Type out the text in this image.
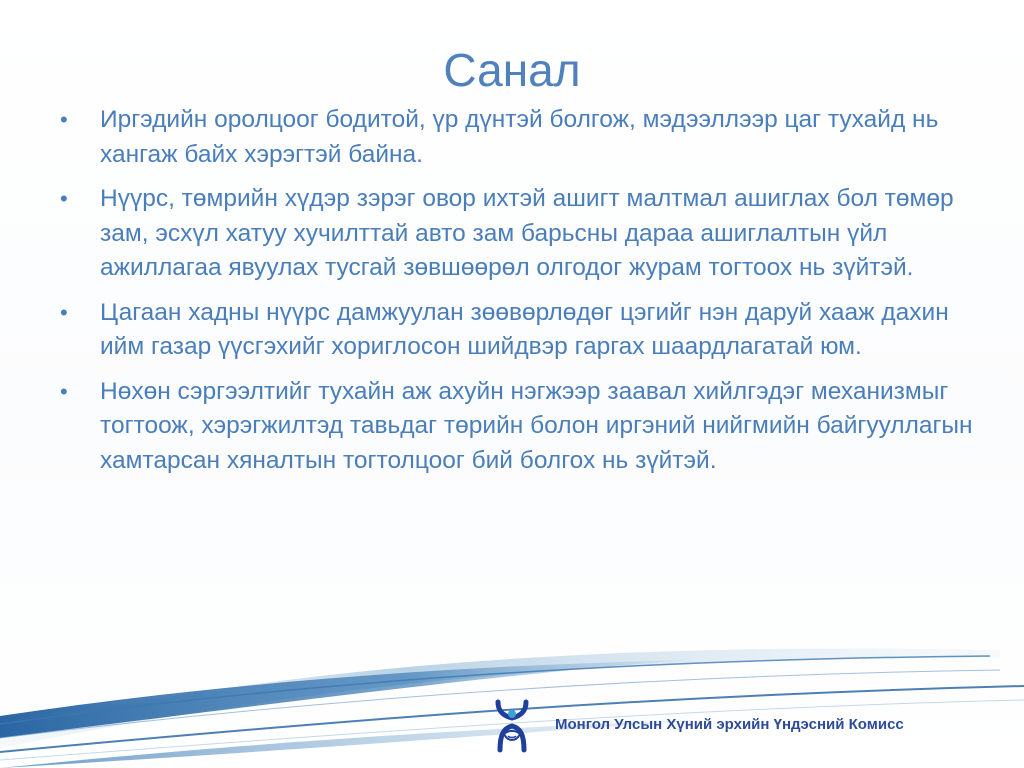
Санал
•	Иргэдийн оролцоог бодитой, үр дүнтэй болгож, мэдээллээр цаг тухайд нь хангаж байх хэрэгтэй байна.
•	Нүүрс, төмрийн хүдэр зэрэг овор ихтэй ашигт малтмал ашиглах бол төмөр зам, эсхүл хатуу хучилттай авто зам барьсны дараа ашиглалтын үйл ажиллагаа явуулах тусгай зөвшөөрөл олгодог журам тогтоох нь зүйтэй.
•	Цагаан хадны нүүрс дамжуулан зөөвөрлөдөг цэгийг нэн даруй хааж дахин ийм газар үүсгэхийг хориглосон шийдвэр гаргах шаардлагатай юм.
•	Нөхөн сэргээлтийг тухайн аж ахуйн нэгжээр заавал хийлгэдэг механизмыг тогтоож, хэрэгжилтэд тавьдаг төрийн болон иргэний нийгмийн байгууллагын хамтарсан хяналтын тогтолцоог бий болгох нь зүйтэй.
Монгол Улсын Хүний эрхийн Үндэсний Комисс
